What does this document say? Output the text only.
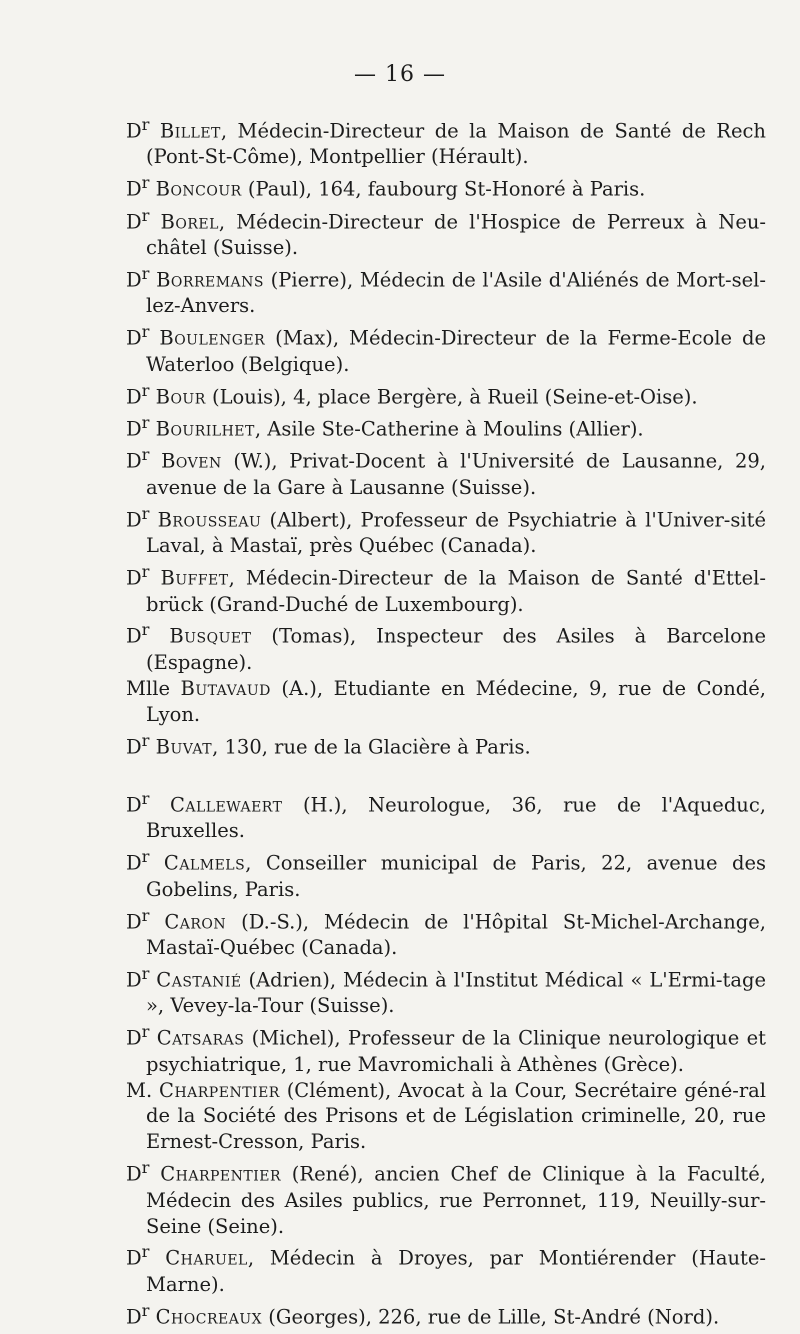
— 16 —
$D^r$ Billet, Médecin-Directeur de la Maison de Santé de Rech (Pont-St-Côme), Montpellier (Hérault).
$D^r$ Boncour (Paul), 164, faubourg St-Honoré à Paris.
$D^r$ Borel, Médecin-Directeur de l'Hospice de Perreux à Neu-châtel (Suisse).
$D^r$ Borremans (Pierre), Médecin de l'Asile d'Aliénés de Mort-sel-lez-Anvers.
$D^r$ Boulenger (Max), Médecin-Directeur de la Ferme-Ecole de Waterloo (Belgique).
$D^r$ Bour (Louis), 4, place Bergère, à Rueil (Seine-et-Oise).
$D^r$ Bourilhet, Asile Ste-Catherine à Moulins (Allier).
$D^r$ Boven (W.), Privat-Docent à l'Université de Lausanne, 29, avenue de la Gare à Lausanne (Suisse).
$D^r$ Brousseau (Albert), Professeur de Psychiatrie à l'Univer-sité Laval, à Mastaï, près Québec (Canada).
$D^r$ Buffet, Médecin-Directeur de la Maison de Santé d'Ettel-brück (Grand-Duché de Luxembourg).
$D^r$ Busquet (Tomas), Inspecteur des Asiles à Barcelone (Espagne).
Mlle Butavaud (A.), Etudiante en Médecine, 9, rue de Condé, Lyon.
$D^r$ Buvat, 130, rue de la Glacière à Paris.
$D^r$ Callewaert (H.), Neurologue, 36, rue de l'Aqueduc, Bruxelles.
$D^r$ Calmels, Conseiller municipal de Paris, 22, avenue des Gobelins, Paris.
$D^r$ Caron (D.-S.), Médecin de l'Hôpital St-Michel-Archange, Mastaï-Québec (Canada).
$D^r$ Castanié (Adrien), Médecin à l'Institut Médical « L'Ermi-tage », Vevey-la-Tour (Suisse).
$D^r$ Catsaras (Michel), Professeur de la Clinique neurologique et psychiatrique, 1, rue Mavromichali à Athènes (Grèce).
M. Charpentier (Clément), Avocat à la Cour, Secrétaire géné-ral de la Société des Prisons et de Législation criminelle, 20, rue Ernest-Cresson, Paris.
$D^r$ Charpentier (René), ancien Chef de Clinique à la Faculté, Médecin des Asiles publics, rue Perronnet, 119, Neuilly-sur-Seine (Seine).
$D^r$ Charuel, Médecin à Droyes, par Montiérender (Haute-Marne).
$D^r$ Chocreaux (Georges), 226, rue de Lille, St-André (Nord).
